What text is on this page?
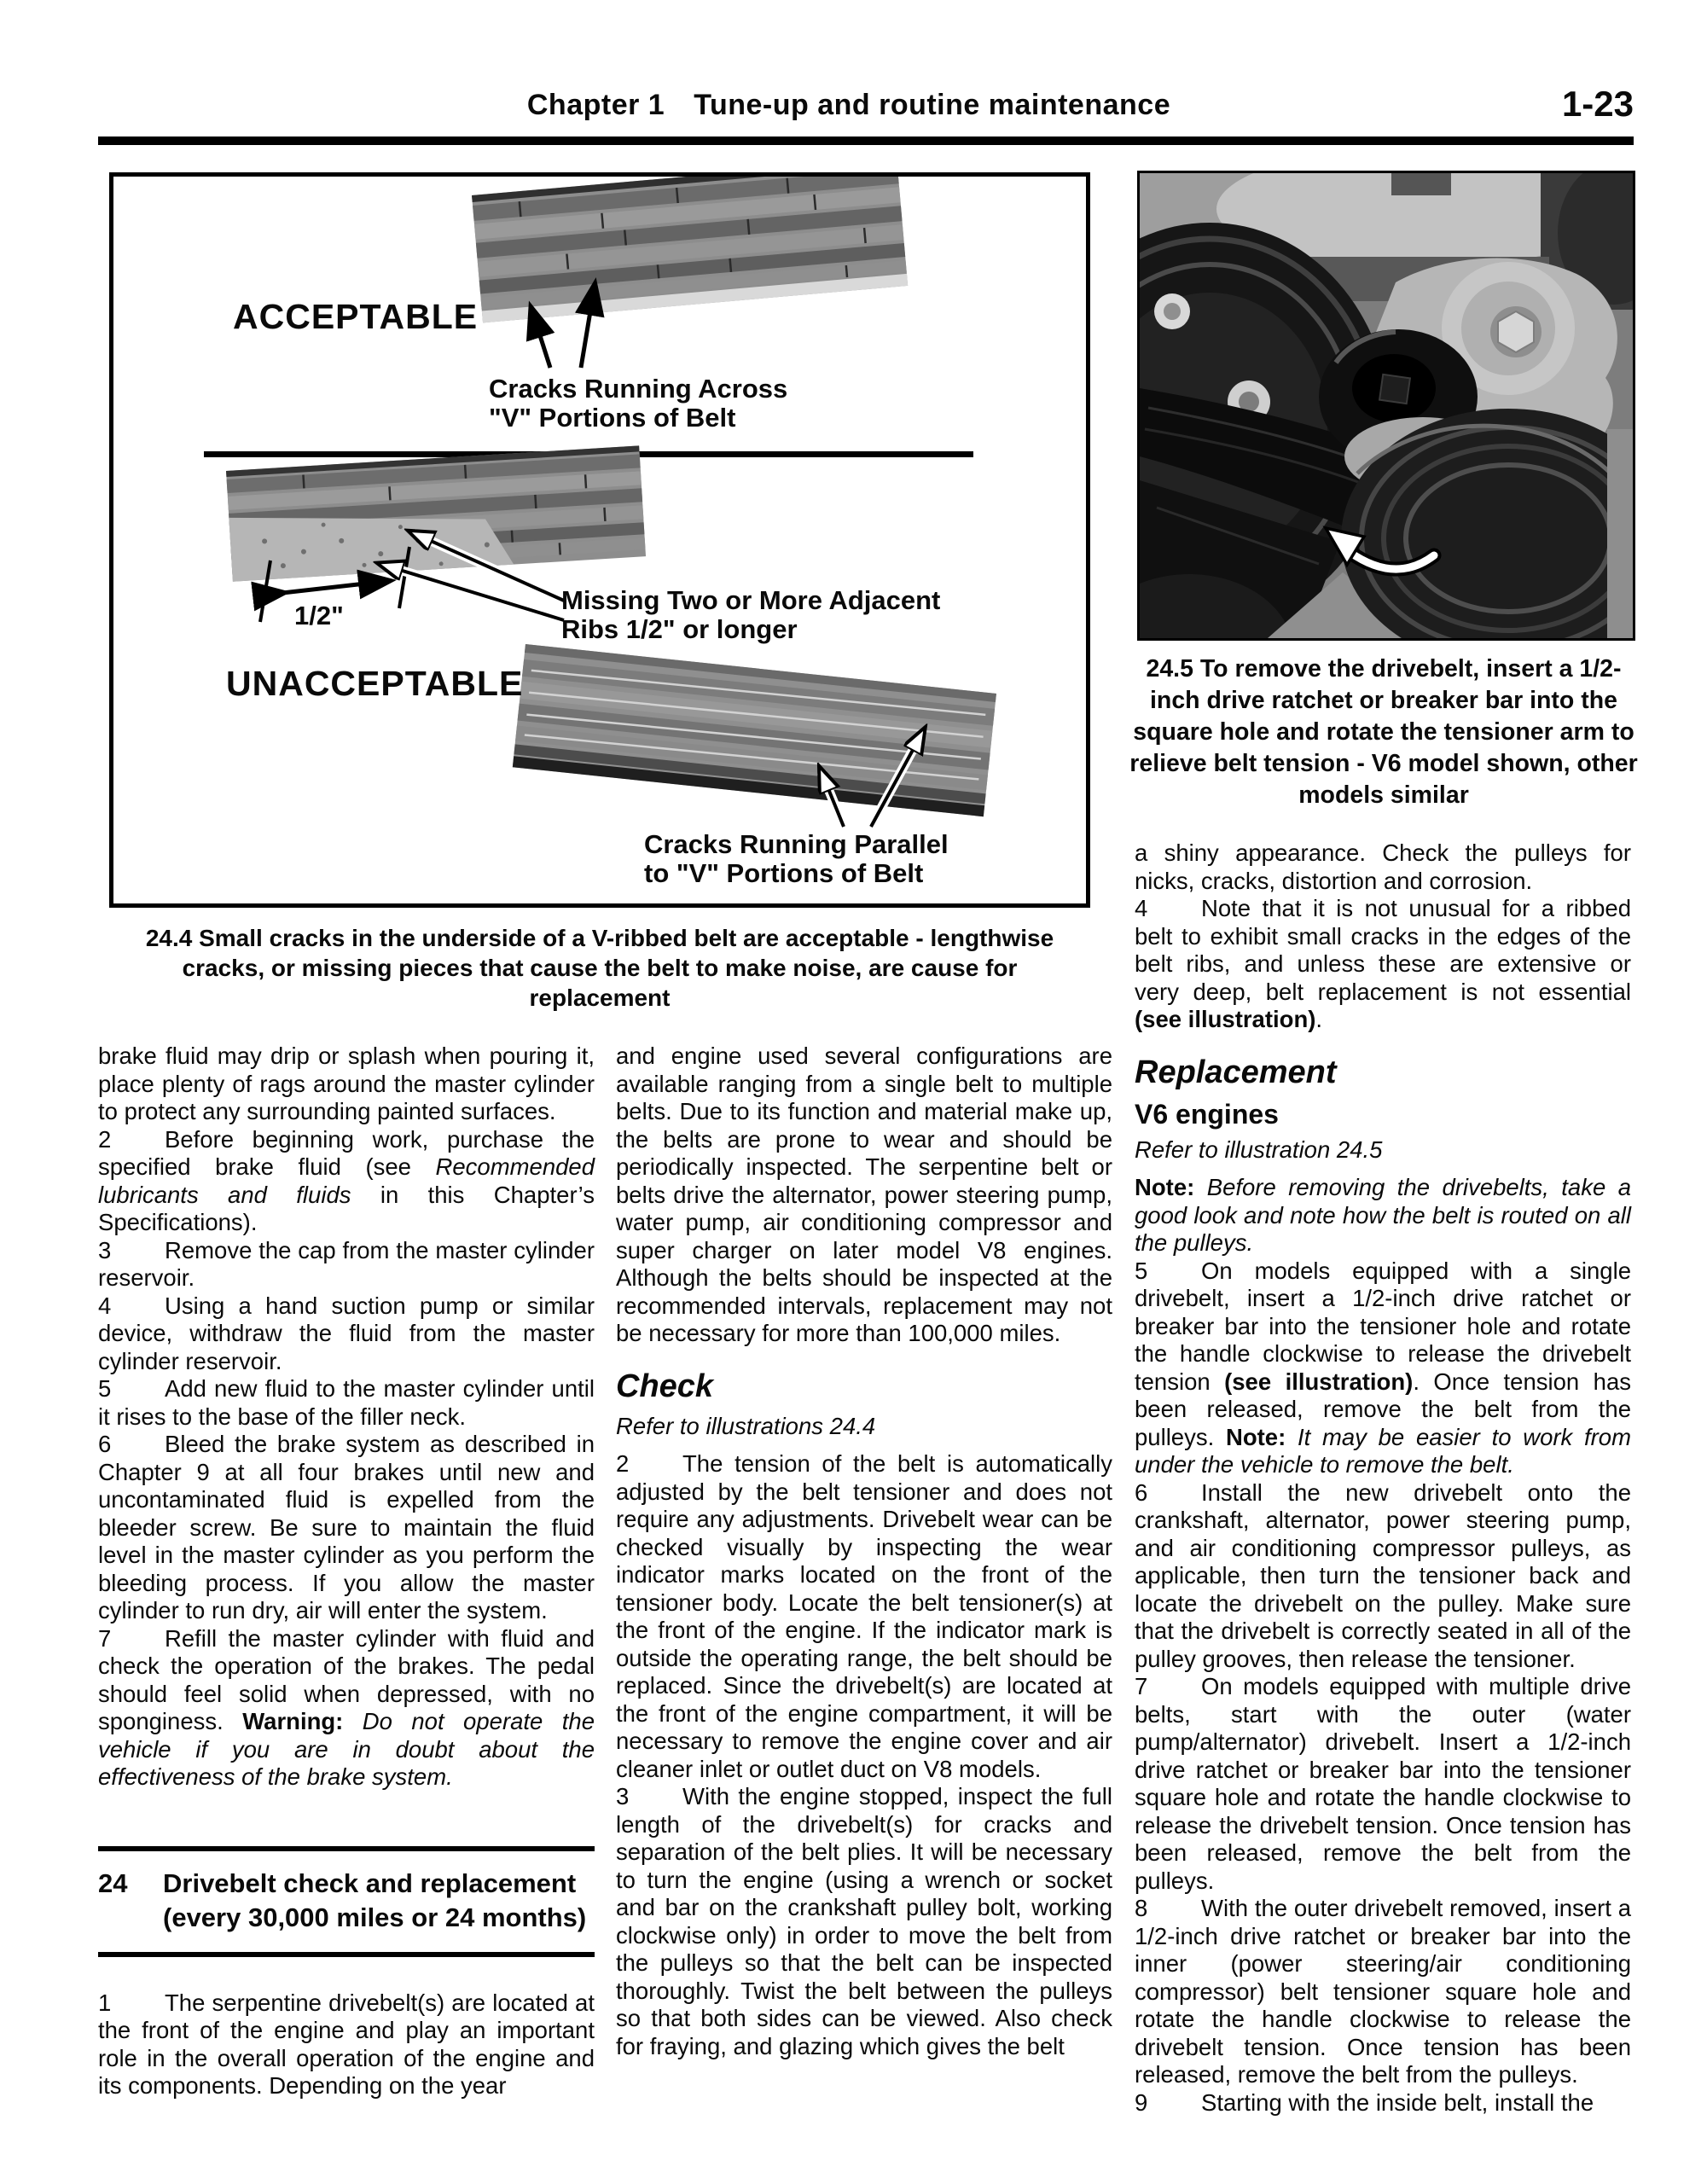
Chapter 1 Tune-up and routine maintenance	1-23
ACCEPTABLE
Cracks Running Across
"V" Portions of Belt
Missing Two or More Adjacent
Ribs 1/2" or longer
1/2"
UNACCEPTABLE
Cracks Running Parallel
to "V" Portions of Belt
24.4 Small cracks in the underside of a V-ribbed belt are acceptable - lengthwise cracks, or missing pieces that cause the belt to make noise, are cause for replacement
24.5 To remove the drivebelt, insert a 1/2-inch drive ratchet or breaker bar into the square hole and rotate the tensioner arm to relieve belt tension - V6 model shown, other models similar

brake fluid may drip or splash when pouring it, place plenty of rags around the master cylinder to protect any surrounding painted surfaces.

2 Before beginning work, purchase the specified brake fluid (see Recommended lubricants and fluids in this Chapter’s Specifications).

3 Remove the cap from the master cylinder reservoir.

4 Using a hand suction pump or similar device, withdraw the fluid from the master cylinder reservoir.

5 Add new fluid to the master cylinder until it rises to the base of the filler neck.

6 Bleed the brake system as described in Chapter 9 at all four brakes until new and uncontaminated fluid is expelled from the bleeder screw. Be sure to maintain the fluid level in the master cylinder as you perform the bleeding process. If you allow the master cylinder to run dry, air will enter the system.

7 Refill the master cylinder with fluid and check the operation of the brakes. The pedal should feel solid when depressed, with no sponginess. Warning: Do not operate the vehicle if you are in doubt about the effectiveness of the brake system.

24	Drivebelt check and replacement
(every 30,000 miles or 24 months)

1 The serpentine drivebelt(s) are located at the front of the engine and play an important role in the overall operation of the engine and its components. Depending on the year

and engine used several configurations are available ranging from a single belt to multiple belts. Due to its function and material make up, the belts are prone to wear and should be periodically inspected. The serpentine belt or belts drive the alternator, power steering pump, water pump, air conditioning compressor and super charger on later model V8 engines. Although the belts should be inspected at the recommended intervals, replacement may not be necessary for more than 100,000 miles.

Check
Refer to illustrations 24.4

2 The tension of the belt is automatically adjusted by the belt tensioner and does not require any adjustments. Drivebelt wear can be checked visually by inspecting the wear indicator marks located on the front of the tensioner body. Locate the belt tensioner(s) at the front of the engine. If the indicator mark is outside the operating range, the belt should be replaced. Since the drivebelt(s) are located at the front of the engine compartment, it will be necessary to remove the engine cover and air cleaner inlet or outlet duct on V8 models.

3 With the engine stopped, inspect the full length of the drivebelt(s) for cracks and separation of the belt plies. It will be necessary to turn the engine (using a wrench or socket and bar on the crankshaft pulley bolt, working clockwise only) in order to move the belt from the pulleys so that the belt can be inspected thoroughly. Twist the belt between the pulleys so that both sides can be viewed. Also check for fraying, and glazing which gives the belt

a shiny appearance. Check the pulleys for nicks, cracks, distortion and corrosion.

4 Note that it is not unusual for a ribbed belt to exhibit small cracks in the edges of the belt ribs, and unless these are extensive or very deep, belt replacement is not essential (see illustration).

Replacement
V6 engines
Refer to illustration 24.5

Note: Before removing the drivebelts, take a good look and note how the belt is routed on all the pulleys.

5 On models equipped with a single drivebelt, insert a 1/2-inch drive ratchet or breaker bar into the tensioner hole and rotate the handle clockwise to release the drivebelt tension (see illustration). Once tension has been released, remove the belt from the pulleys. Note: It may be easier to work from under the vehicle to remove the belt.

6 Install the new drivebelt onto the crankshaft, alternator, power steering pump, and air conditioning compressor pulleys, as applicable, then turn the tensioner back and locate the drivebelt on the pulley. Make sure that the drivebelt is correctly seated in all of the pulley grooves, then release the tensioner.

7 On models equipped with multiple drive belts, start with the outer (water pump/alternator) drivebelt. Insert a 1/2-inch drive ratchet or breaker bar into the tensioner square hole and rotate the handle clockwise to release the drivebelt tension. Once tension has been released, remove the belt from the pulleys.

8 With the outer drivebelt removed, insert a 1/2-inch drive ratchet or breaker bar into the inner (power steering/air conditioning compressor) belt tensioner square hole and rotate the handle clockwise to release the drivebelt tension. Once tension has been released, remove the belt from the pulleys.

9 Starting with the inside belt, install the
